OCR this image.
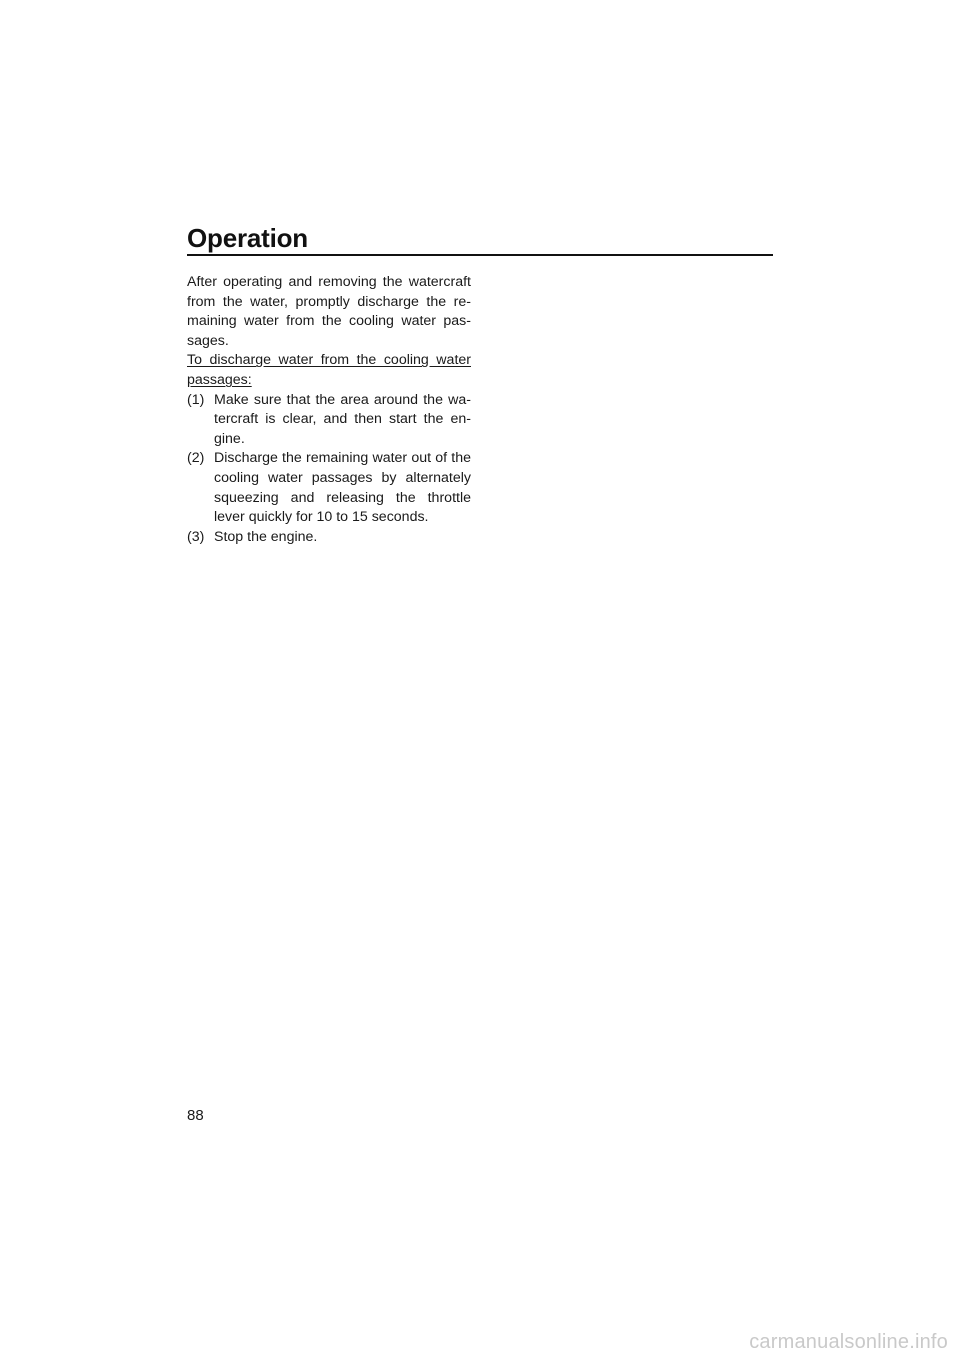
Operation

After operating and removing the watercraft from the water, promptly discharge the re-maining water from the cooling water pas-sages.

To discharge water from the cooling water passages:

(1) Make sure that the area around the wa-tercraft is clear, and then start the en-gine.
(2) Discharge the remaining water out of the cooling water passages by alternately squeezing and releasing the throttle lever quickly for 10 to 15 seconds.
(3) Stop the engine.
88
carmanualsonline.info
